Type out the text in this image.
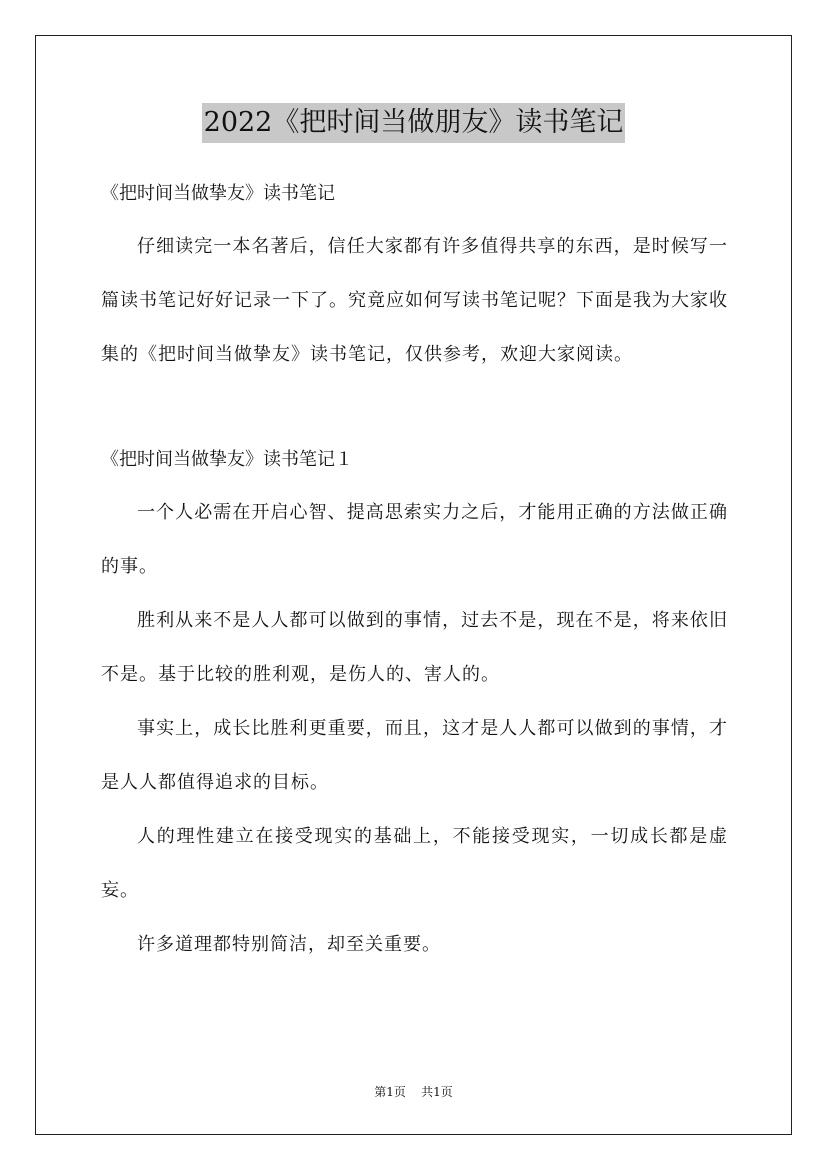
2022《把时间当做朋友》读书笔记

《把时间当做挚友》读书笔记

仔细读完一本名著后，信任大家都有许多值得共享的东西，是时候写一篇读书笔记好好记录一下了。究竟应如何写读书笔记呢？下面是我为大家收集的《把时间当做挚友》读书笔记，仅供参考，欢迎大家阅读。

《把时间当做挚友》读书笔记１

一个人必需在开启心智、提高思索实力之后，才能用正确的方法做正确的事。

胜利从来不是人人都可以做到的事情，过去不是，现在不是，将来依旧不是。基于比较的胜利观，是伤人的、害人的。

事实上，成长比胜利更重要，而且，这才是人人都可以做到的事情，才是人人都值得追求的目标。

人的理性建立在接受现实的基础上，不能接受现实，一切成长都是虚妄。

许多道理都特别简洁，却至关重要。

第1页 共1页
